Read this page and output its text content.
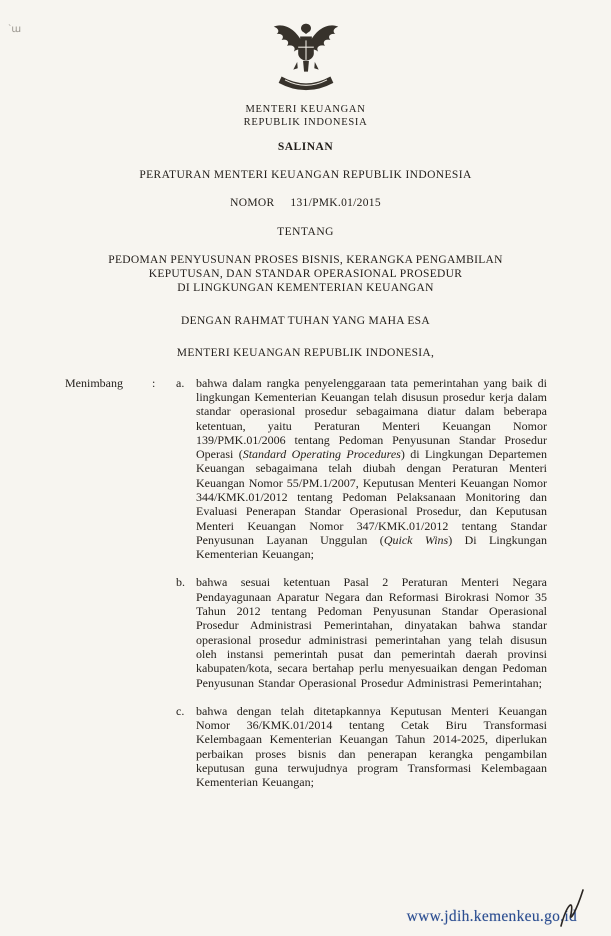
`ա
MENTERI KEUANGAN
REPUBLIK INDONESIA
SALINAN
PERATURAN MENTERI KEUANGAN REPUBLIK INDONESIA
NOMOR 131/PMK.01/2015
TENTANG
PEDOMAN PENYUSUNAN PROSES BISNIS, KERANGKA PENGAMBILAN
KEPUTUSAN, DAN STANDAR OPERASIONAL PROSEDUR
DI LINGKUNGAN KEMENTERIAN KEUANGAN
DENGAN RAHMAT TUHAN YANG MAHA ESA
MENTERI KEUANGAN REPUBLIK INDONESIA,
Menimbang	:	a. bahwa dalam rangka penyelenggaraan tata pemerintahan yang baik di lingkungan Kementerian Keuangan telah disusun prosedur kerja dalam standar operasional prosedur sebagaimana diatur dalam beberapa ketentuan, yaitu Peraturan Menteri Keuangan Nomor 139/PMK.01/2006 tentang Pedoman Penyusunan Standar Prosedur Operasi (Standard Operating Procedures) di Lingkungan Departemen Keuangan sebagaimana telah diubah dengan Peraturan Menteri Keuangan Nomor 55/PM.1/2007, Keputusan Menteri Keuangan Nomor 344/KMK.01/2012 tentang Pedoman Pelaksanaan Monitoring dan Evaluasi Penerapan Standar Operasional Prosedur, dan Keputusan Menteri Keuangan Nomor 347/KMK.01/2012 tentang Standar Penyusunan Layanan Unggulan (Quick Wins) Di Lingkungan Kementerian Keuangan;
b. bahwa sesuai ketentuan Pasal 2 Peraturan Menteri Negara Pendayagunaan Aparatur Negara dan Reformasi Birokrasi Nomor 35 Tahun 2012 tentang Pedoman Penyusunan Standar Operasional Prosedur Administrasi Pemerintahan, dinyatakan bahwa standar operasional prosedur administrasi pemerintahan yang telah disusun oleh instansi pemerintah pusat dan pemerintah daerah provinsi kabupaten/kota, secara bertahap perlu menyesuaikan dengan Pedoman Penyusunan Standar Operasional Prosedur Administrasi Pemerintahan;
c. bahwa dengan telah ditetapkannya Keputusan Menteri Keuangan Nomor 36/KMK.01/2014 tentang Cetak Biru Transformasi Kelembagaan Kementerian Keuangan Tahun 2014-2025, diperlukan perbaikan proses bisnis dan penerapan kerangka pengambilan keputusan guna terwujudnya program Transformasi Kelembagaan Kementerian Keuangan;
www.jdih.kemenkeu.go.id
